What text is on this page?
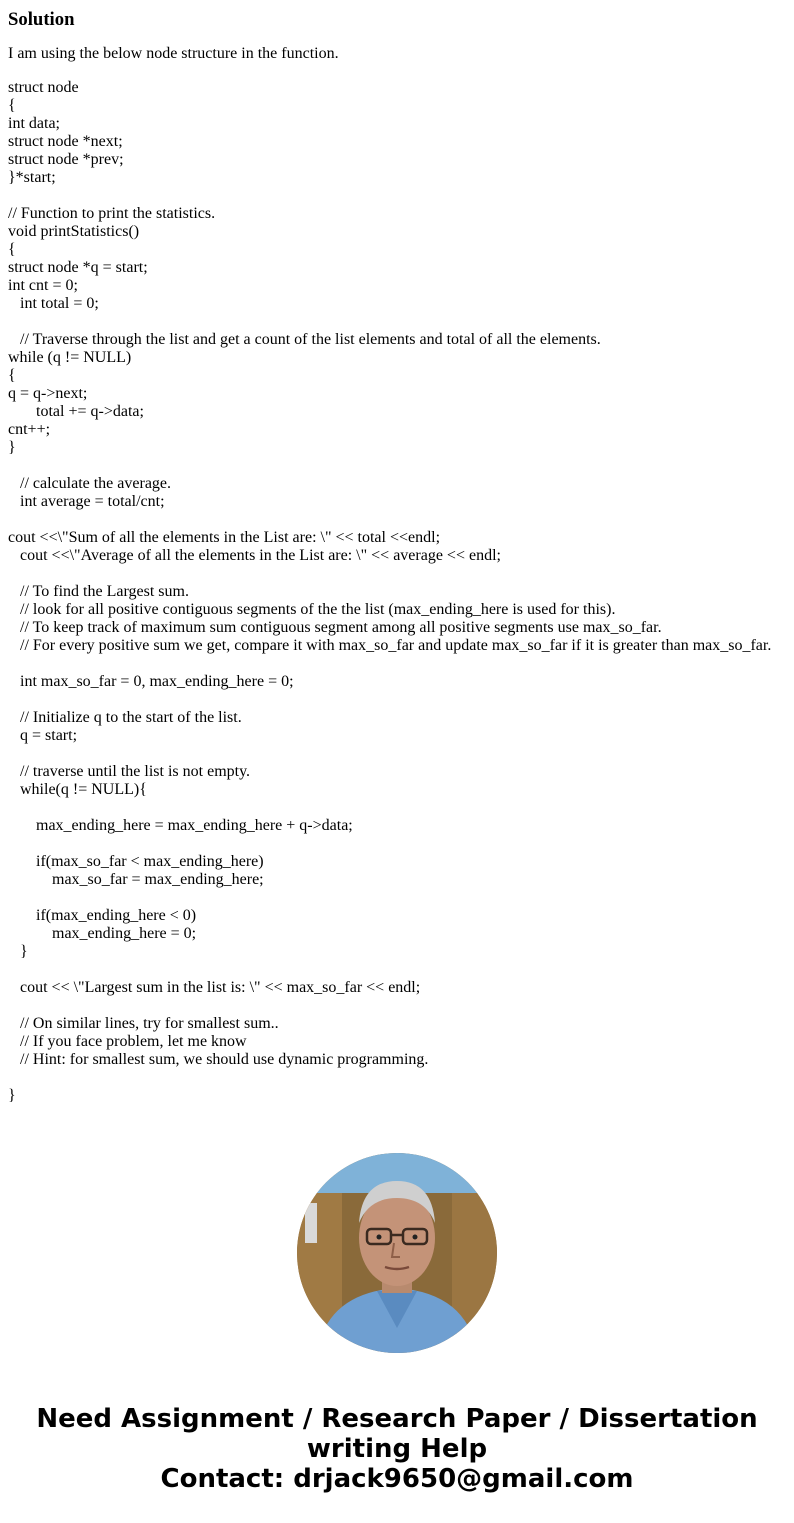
Solution

I am using the below node structure in the function.

struct node
{
int data;
struct node *next;
struct node *prev;
}*start;
// Function to print the statistics.
void printStatistics()
{
struct node *q = start;
int cnt = 0;
int total = 0;
// Traverse through the list and get a count of the list elements and total of all the elements.
while (q != NULL)
{
q = q->next;
total += q->data;
cnt++;
}
// calculate the average.
int average = total/cnt;
cout <<\"Sum of all the elements in the List are: \" << total <<endl;
cout <<\"Average of all the elements in the List are: \" << average << endl;
// To find the Largest sum.
// look for all positive contiguous segments of the the list (max_ending_here is used for this).
// To keep track of maximum sum contiguous segment among all positive segments use max_so_far.
// For every positive sum we get, compare it with max_so_far and update max_so_far if it is greater than max_so_far.
int max_so_far = 0, max_ending_here = 0;
// Initialize q to the start of the list.
q = start;
// traverse until the list is not empty.
while(q != NULL){
max_ending_here = max_ending_here + q->data;
if(max_so_far < max_ending_here)
max_so_far = max_ending_here;
if(max_ending_here < 0)
max_ending_here = 0;
}
cout << \"Largest sum in the list is: \" << max_so_far << endl;
// On similar lines, try for smallest sum..
// If you face problem, let me know
// Hint: for smallest sum, we should use dynamic programming.
}
Need Assignment / Research Paper / Dissertation
writing Help
Contact: drjack9650@gmail.com
